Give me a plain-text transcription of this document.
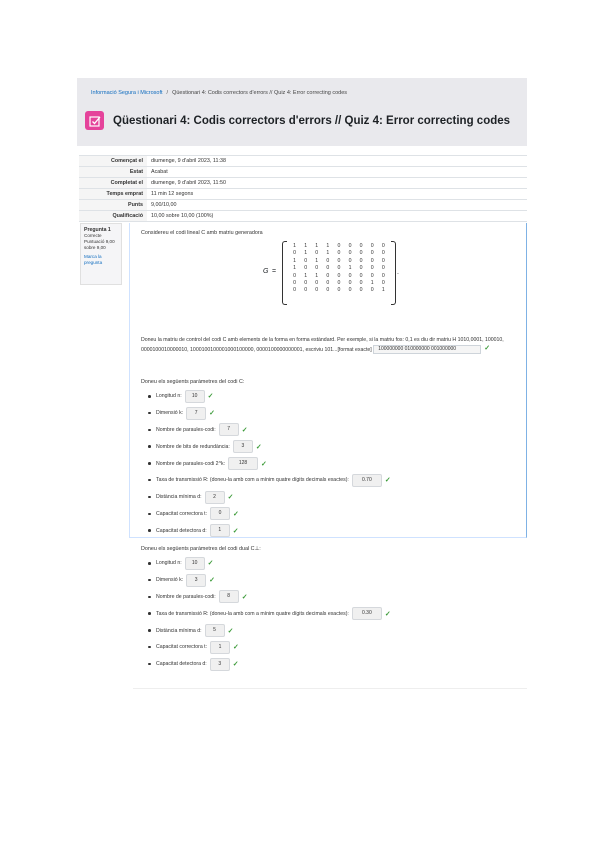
Informació Segura i Microsoft / Qüestionari 4: Codis correctors d'errors // Quiz 4: Error correcting codes
Qüestionari 4: Codis correctors d'errors // Quiz 4: Error correcting codes
Començat el	diumenge, 9 d'abril 2023, 11:38
Estat	Acabat
Completat el	diumenge, 9 d'abril 2023, 11:50
Temps emprat	11 min 12 segons
Punts	9,00/10,00
Qualificació	10,00 sobre 10,00 (100%)
Pregunta 1
Correcte
Puntuació 9,00 sobre 9,00
Marca la pregunta
Considereu el codi lineal C amb matriu generadora
G =
1	1	1	1	0	0	0	0	0
0	1	0	1	0	0	0	0	0
1	0	1	0	0	0	0	0	0
1	0	0	0	0	1	0	0	0
0	1	1	0	0	0	0	0	0
0	0	0	0	0	0	0	1	0
0	0	0	0	0	0	0	0	1
.
Doneu la matriu de control del codi C amb elements de la forma en forma estàndard. Per exemple, si la matriu fos: 0,1 es diu dir matriu H 1010,0001, 100010, 0000100010000010, 1000100100001000100000, 0000100000000001, escriviu 101...[format exacte] 100000000 010000000 001000000	✓
Doneu els següents paràmetres del codi C:
Longitud n:	10	✓
Dimensió k:	7	✓
Nombre de paraules-codi:	7	✓
Nombre de bits de redundància:	3	✓
Nombre de paraules-codi 2^k:	128	✓
Taxa de transmissió R: (doneu-la amb com a mínim quatre dígits decimals exactes):	0.70	✓
Distància mínima d:	2	✓
Capacitat correctora t:	0	✓
Capacitat detectora d:	1	✓
Doneu els següents paràmetres del codi dual C⊥:
Longitud n:	10	✓
Dimensió k:	3	✓
Nombre de paraules-codi:	8	✓
Taxa de transmissió R: (doneu-la amb com a mínim quatre dígits decimals exactes):	0.30	✓
Distància mínima d:	5	✓
Capacitat correctora t:	1	✓
Capacitat detectora d:	3	✓
